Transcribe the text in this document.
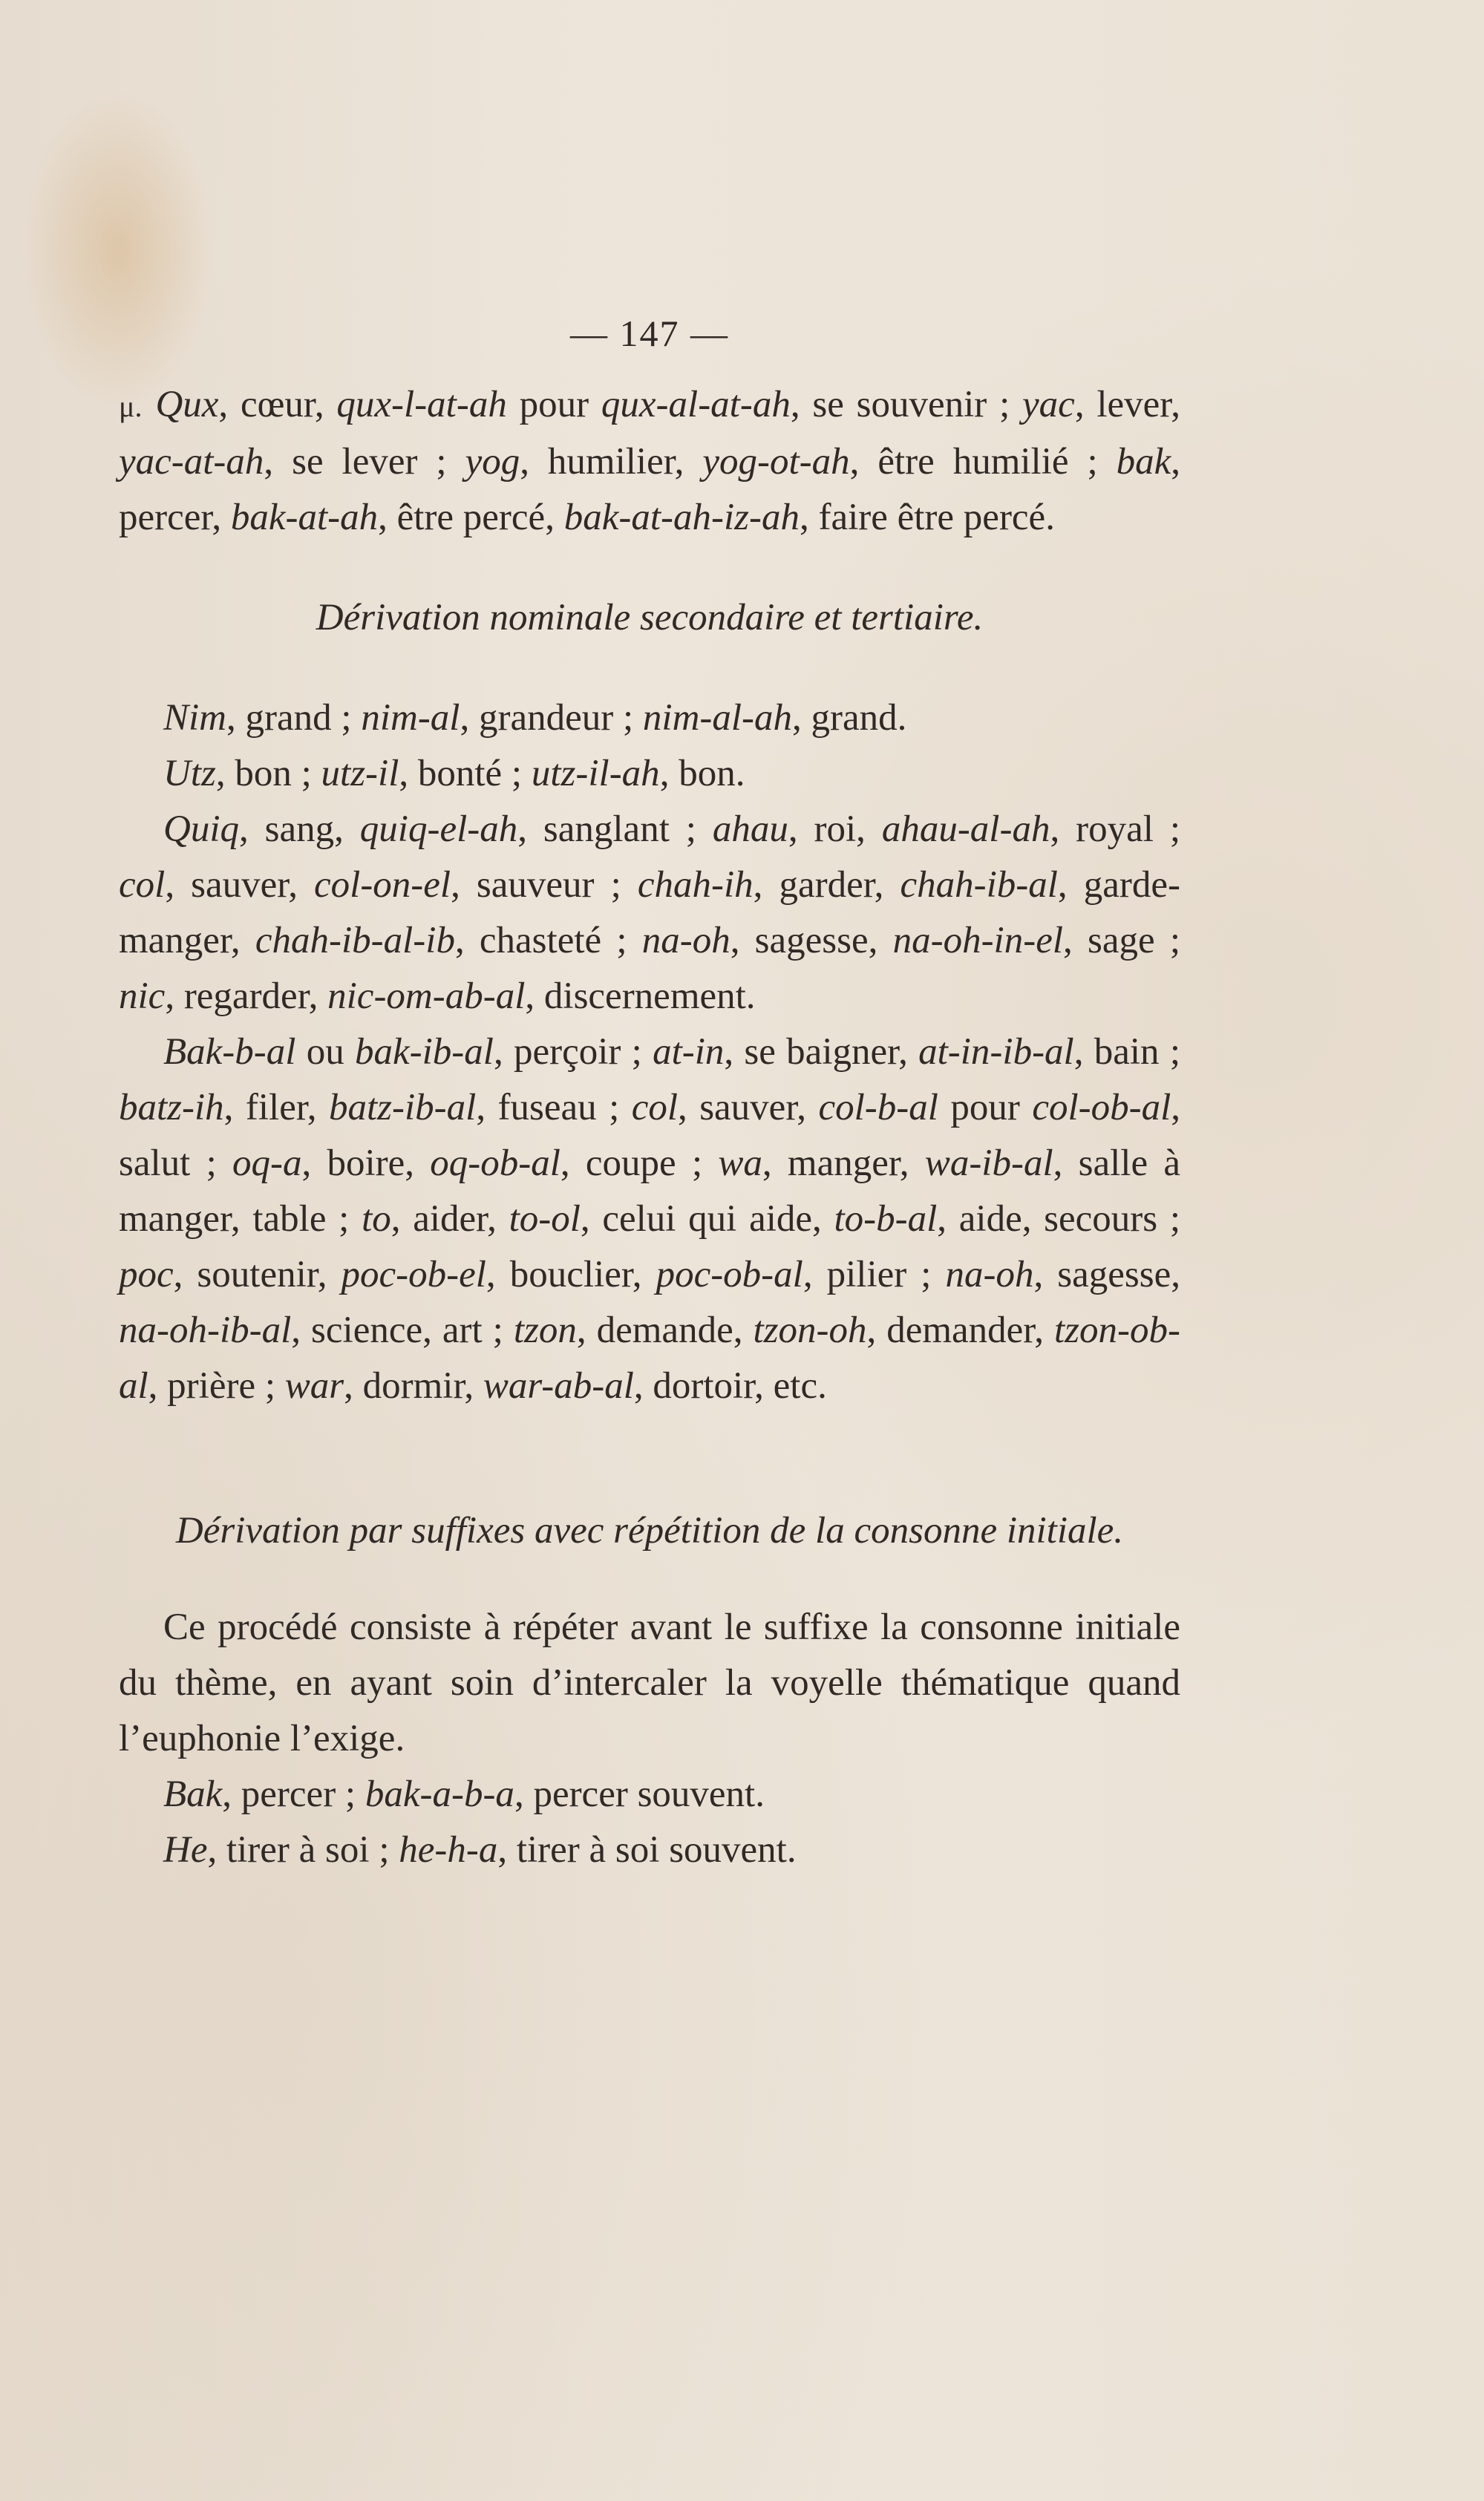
— 147 —

μ. Qux, cœur, qux-l-at-ah pour qux-al-at-ah, se souvenir ; yac, lever, yac-at-ah, se lever ; yog, humilier, yog-ot-ah, être humilié ; bak, percer, bak-at-ah, être percé, bak-at-ah-iz-ah, faire être percé.

Dérivation nominale secondaire et tertiaire.

Nim, grand ; nim-al, grandeur ; nim-al-ah, grand.

Utz, bon ; utz-il, bonté ; utz-il-ah, bon.

Quiq, sang, quiq-el-ah, sanglant ; ahau, roi, ahau-al-ah, royal ; col, sauver, col-on-el, sauveur ; chah-ih, garder, chah-ib-al, garde-manger, chah-ib-al-ib, chasteté ; na-oh, sagesse, na-oh-in-el, sage ; nic, regarder, nic-om-ab-al, discernement.

Bak-b-al ou bak-ib-al, perçoir ; at-in, se baigner, at-in-ib-al, bain ; batz-ih, filer, batz-ib-al, fuseau ; col, sauver, col-b-al pour col-ob-al, salut ; oq-a, boire, oq-ob-al, coupe ; wa, manger, wa-ib-al, salle à manger, table ; to, aider, to-ol, celui qui aide, to-b-al, aide, secours ; poc, soutenir, poc-ob-el, bouclier, poc-ob-al, pilier ; na-oh, sagesse, na-oh-ib-al, science, art ; tzon, demande, tzon-oh, demander, tzon-ob-al, prière ; war, dormir, war-ab-al, dortoir, etc.

Dérivation par suffixes avec répétition de la consonne initiale.

Ce procédé consiste à répéter avant le suffixe la consonne initiale du thème, en ayant soin d’intercaler la voyelle thématique quand l’euphonie l’exige.

Bak, percer ; bak-a-b-a, percer souvent.

He, tirer à soi ; he-h-a, tirer à soi souvent.
